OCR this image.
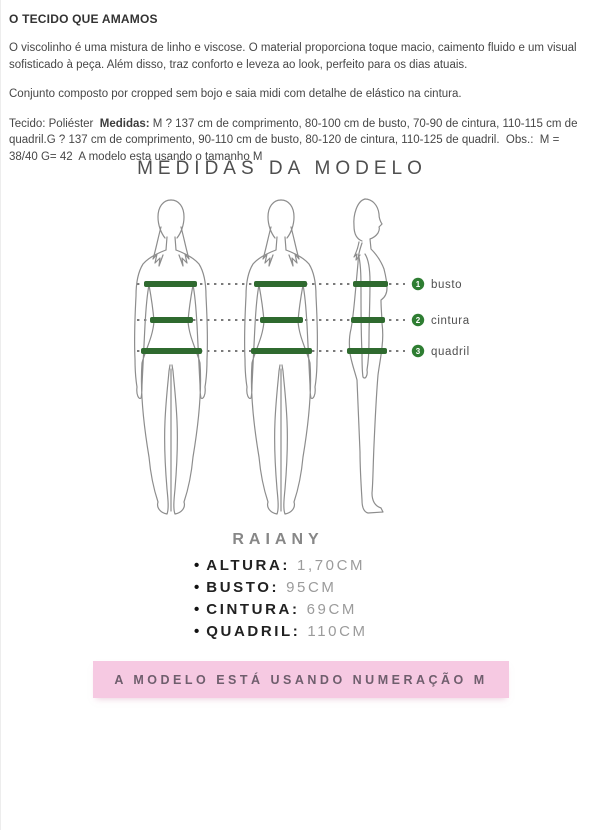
O TECIDO QUE AMAMOS

O viscolinho é uma mistura de linho e viscose. O material proporciona toque macio, caimento fluido e um visual sofisticado à peça. Além disso, traz conforto e leveza ao look, perfeito para os dias atuais.

Conjunto composto por cropped sem bojo e saia midi com detalhe de elástico na cintura.

Tecido: Poliéster  Medidas: M ? 137 cm de comprimento, 80-100 cm de busto, 70-90 de cintura, 110-115 cm de quadril.G ? 137 cm de comprimento, 90-110 cm de busto, 80-120 de cintura, 110-125 de quadril.  Obs.:  M = 38/40 G= 42  A modelo esta usando o tamanho M

MEDIDAS DA MODELO
1 busto
2 cintura
3 quadril
RAIANY
• ALTURA: 1,70CM
• BUSTO: 95CM
• CINTURA: 69CM
• QUADRIL: 110CM
A MODELO ESTÁ USANDO NUMERAÇÃO M
